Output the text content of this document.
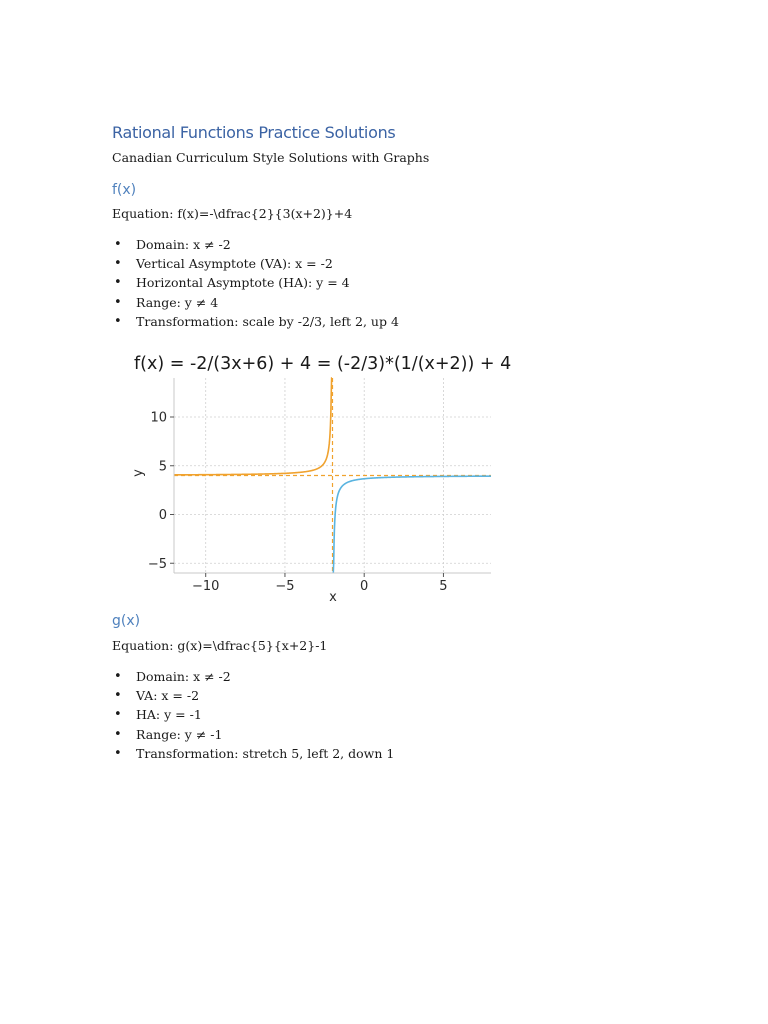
Rational Functions Practice Solutions
Canadian Curriculum Style Solutions with Graphs
f(x)
Equation: f(x)=-\dfrac{2}{3(x+2)}+4
• Domain: x ≠ -2
• Vertical Asymptote (VA): x = -2
• Horizontal Asymptote (HA): y = 4
• Range: y ≠ 4
• Transformation: scale by -2/3, left 2, up 4
f(x) = -2/(3x+6) + 4 = (-2/3)*(1/(x+2)) + 4
−10	−5	0	5
−5
0
5
10
y
x
g(x)
Equation: g(x)=\dfrac{5}{x+2}-1
• Domain: x ≠ -2
• VA: x = -2
• HA: y = -1
• Range: y ≠ -1
• Transformation: stretch 5, left 2, down 1
